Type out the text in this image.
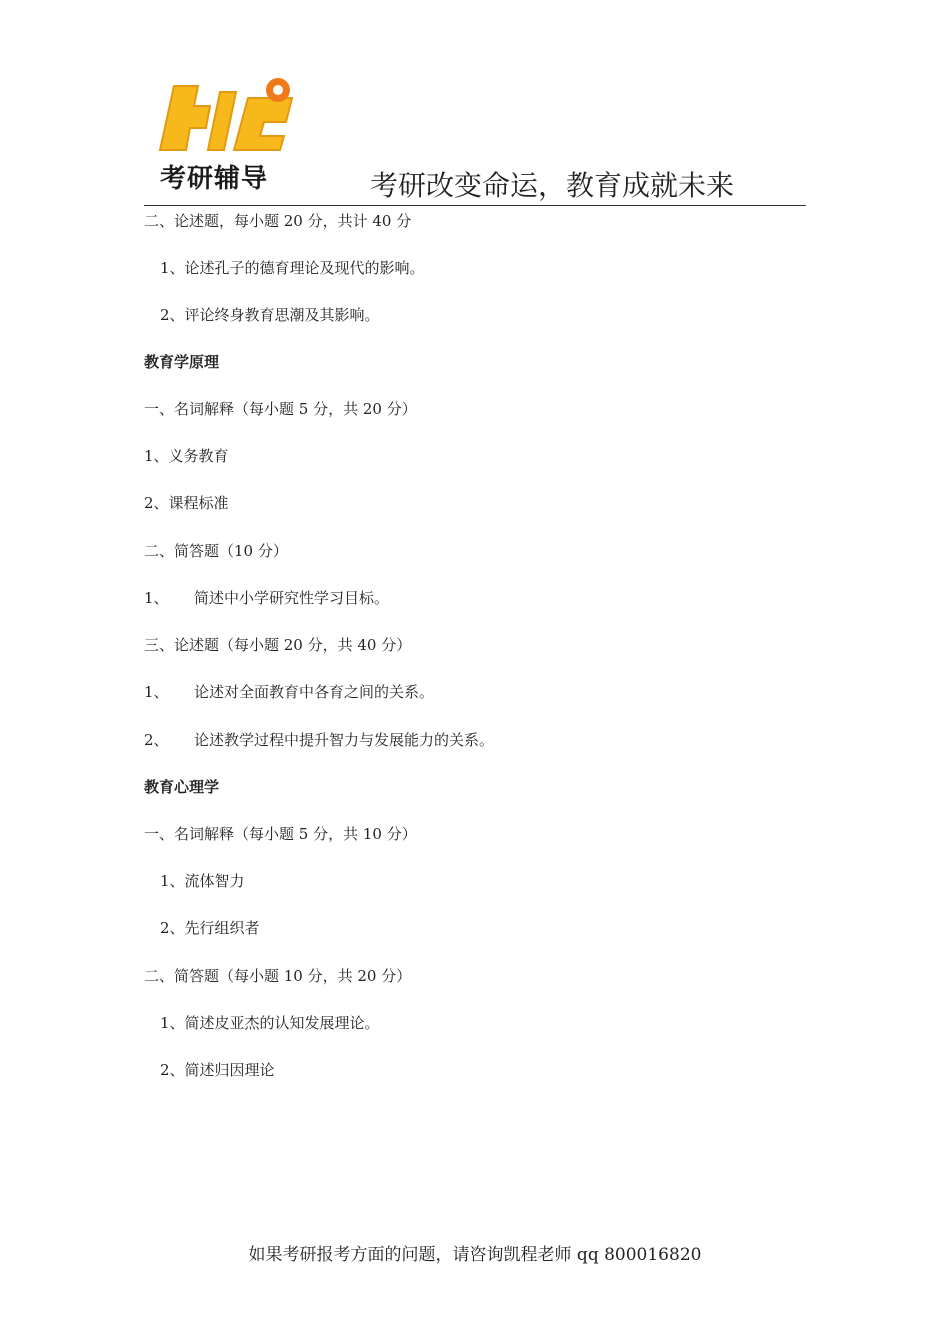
考研辅导	考研改变命运，教育成就未来
二、论述题，每小题 20 分，共计 40 分
1、论述孔子的德育理论及现代的影响。
2、评论终身教育思潮及其影响。
教育学原理
一、名词解释（每小题 5 分，共 20 分）
1、义务教育
2、课程标准
二、简答题（10 分）
1、 简述中小学研究性学习目标。
三、论述题（每小题 20 分，共 40 分）
1、 论述对全面教育中各育之间的关系。
2、 论述教学过程中提升智力与发展能力的关系。
教育心理学
一、名词解释（每小题 5 分，共 10 分）
1、流体智力
2、先行组织者
二、简答题（每小题 10 分，共 20 分）
1、简述皮亚杰的认知发展理论。
2、简述归因理论
如果考研报考方面的问题，请咨询凯程老师 qq 800016820
